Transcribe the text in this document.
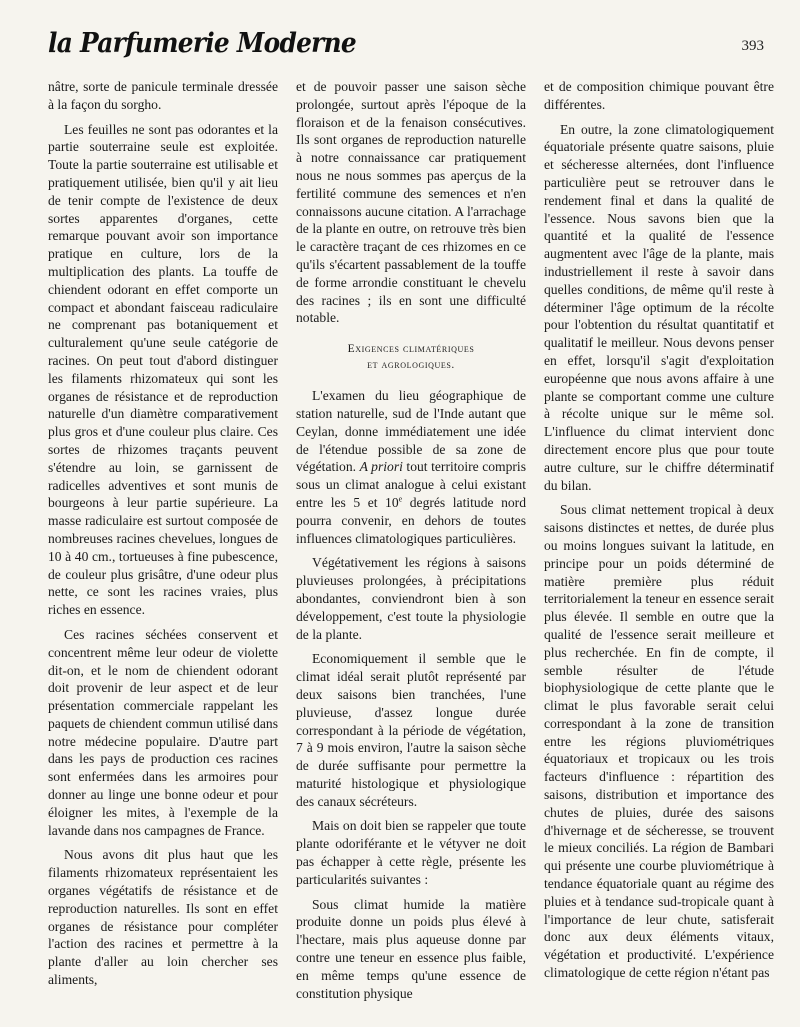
la Parfumerie Moderne	393

nâtre, sorte de panicule terminale dressée à la façon du sorgho.

Les feuilles ne sont pas odorantes et la partie souterraine seule est exploitée. Toute la partie souterraine est utilisable et pratiquement utilisée, bien qu'il y ait lieu de tenir compte de l'existence de deux sortes apparentes d'organes, cette remarque pouvant avoir son importance pratique en culture, lors de la multiplication des plants. La touffe de chiendent odorant en effet comporte un compact et abondant faisceau radiculaire ne comprenant pas botaniquement et culturalement qu'une seule catégorie de racines. On peut tout d'abord distinguer les filaments rhizomateux qui sont les organes de résistance et de reproduction naturelle d'un diamètre comparativement plus gros et d'une couleur plus claire. Ces sortes de rhizomes traçants peuvent s'étendre au loin, se garnissent de radicelles adventives et sont munis de bourgeons à leur partie supérieure. La masse radiculaire est surtout composée de nombreuses racines chevelues, longues de 10 à 40 cm., tortueuses à fine pubescence, de couleur plus grisâtre, d'une odeur plus nette, ce sont les racines vraies, plus riches en essence.

Ces racines séchées conservent et concentrent même leur odeur de violette dit-on, et le nom de chiendent odorant doit provenir de leur aspect et de leur présentation commerciale rappelant les paquets de chiendent commun utilisé dans notre médecine populaire. D'autre part dans les pays de production ces racines sont enfermées dans les armoires pour donner au linge une bonne odeur et pour éloigner les mites, à l'exemple de la lavande dans nos campagnes de France.

Nous avons dit plus haut que les filaments rhizomateux représentaient les organes végétatifs de résistance et de reproduction naturelles. Ils sont en effet organes de résistance pour compléter l'action des racines et permettre à la plante d'aller au loin chercher ses aliments,

et de pouvoir passer une saison sèche prolongée, surtout après l'époque de la floraison et de la fenaison consécutives. Ils sont organes de reproduction naturelle à notre connaissance car pratiquement nous ne nous sommes pas aperçus de la fertilité commune des semences et n'en connaissons aucune citation. A l'arrachage de la plante en outre, on retrouve très bien le caractère traçant de ces rhizomes en ce qu'ils s'écartent passablement de la touffe de forme arrondie constituant le chevelu des racines ; ils en sont une difficulté notable.

Exigences climatériques
et agrologiques.

L'examen du lieu géographique de station naturelle, sud de l'Inde autant que Ceylan, donne immédiatement une idée de l'étendue possible de sa zone de végétation. A priori tout territoire compris sous un climat analogue à celui existant entre les 5 et 10e degrés latitude nord pourra convenir, en dehors de toutes influences climatologiques particulières.

Végétativement les régions à saisons pluvieuses prolongées, à précipitations abondantes, conviendront bien à son développement, c'est toute la physiologie de la plante.

Economiquement il semble que le climat idéal serait plutôt représenté par deux saisons bien tranchées, l'une pluvieuse, d'assez longue durée correspondant à la période de végétation, 7 à 9 mois environ, l'autre la saison sèche de durée suffisante pour permettre la maturité histologique et physiologique des canaux sécréteurs.

Mais on doit bien se rappeler que toute plante odoriférante et le vétyver ne doit pas échapper à cette règle, présente les particularités suivantes :

Sous climat humide la matière produite donne un poids plus élevé à l'hectare, mais plus aqueuse donne par contre une teneur en essence plus faible, en même temps qu'une essence de constitution physique

et de composition chimique pouvant être différentes.

En outre, la zone climatologiquement équatoriale présente quatre saisons, pluie et sécheresse alternées, dont l'influence particulière peut se retrouver dans le rendement final et dans la qualité de l'essence. Nous savons bien que la quantité et la qualité de l'essence augmentent avec l'âge de la plante, mais industriellement il reste à savoir dans quelles conditions, de même qu'il reste à déterminer l'âge optimum de la récolte pour l'obtention du résultat quantitatif et qualitatif le meilleur. Nous devons penser en effet, lorsqu'il s'agit d'exploitation européenne que nous avons affaire à une plante se comportant comme une culture à récolte unique sur le même sol. L'influence du climat intervient donc directement encore plus que pour toute autre culture, sur le chiffre déterminatif du bilan.

Sous climat nettement tropical à deux saisons distinctes et nettes, de durée plus ou moins longues suivant la latitude, en principe pour un poids déterminé de matière première plus réduit territorialement la teneur en essence serait plus élevée. Il semble en outre que la qualité de l'essence serait meilleure et plus recherchée. En fin de compte, il semble résulter de l'étude biophysiologique de cette plante que le climat le plus favorable serait celui correspondant à la zone de transition entre les régions pluviométriques équatoriaux et tropicaux ou les trois facteurs d'influence : répartition des saisons, distribution et importance des chutes de pluies, durée des saisons d'hivernage et de sécheresse, se trouvent le mieux conciliés. La région de Bambari qui présente une courbe pluviométrique à tendance équatoriale quant au régime des pluies et à tendance sud-tropicale quant à l'importance de leur chute, satisferait donc aux deux éléments vitaux, végétation et productivité. L'expérience climatologique de cette région n'étant pas
